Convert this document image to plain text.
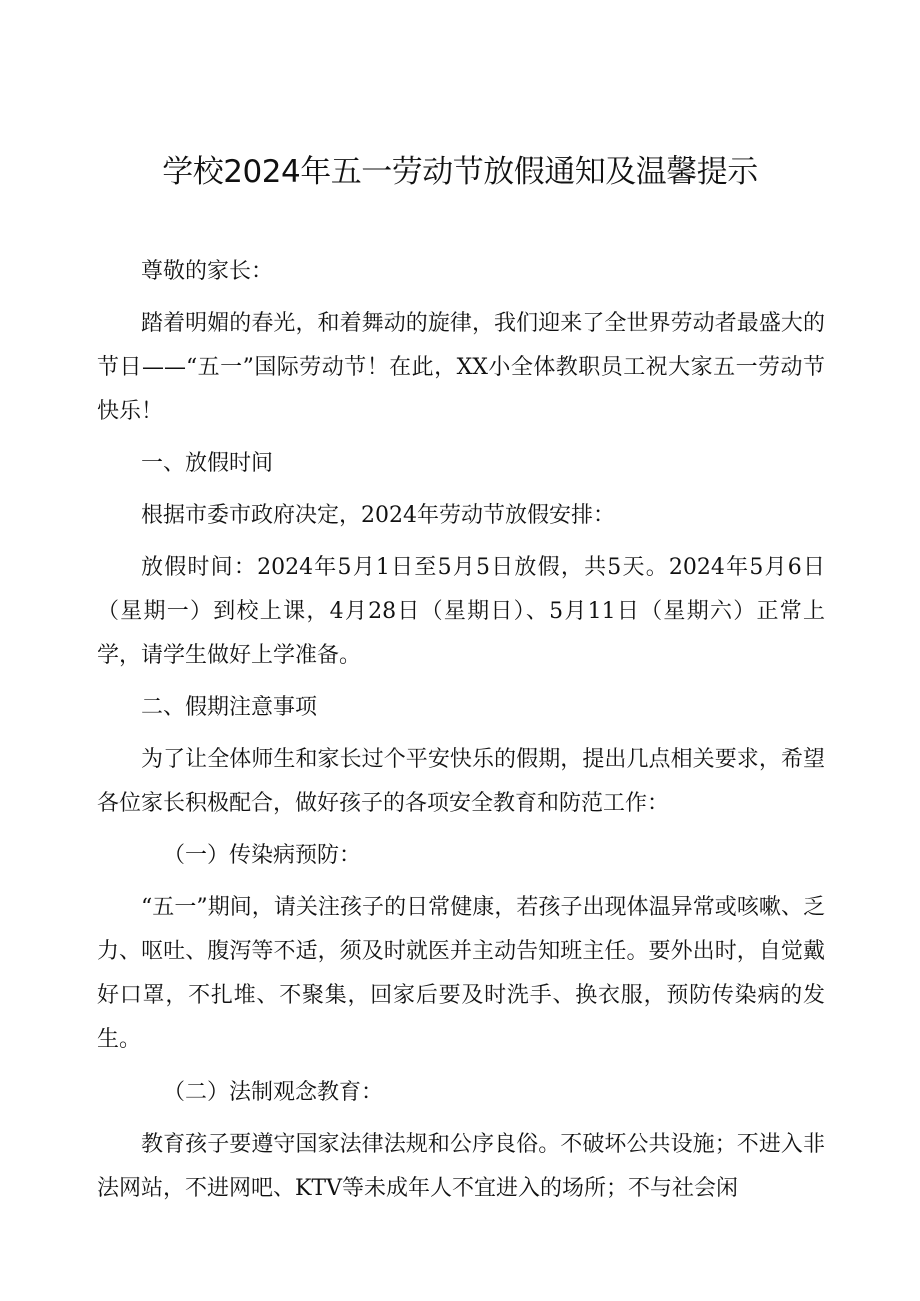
学校2024年五一劳动节放假通知及温馨提示

尊敬的家长：

踏着明媚的春光，和着舞动的旋律，我们迎来了全世界劳动者最盛大的节日——“五一”国际劳动节！在此，XX小全体教职员工祝大家五一劳动节快乐！

一、放假时间

根据市委市政府决定，2024年劳动节放假安排：

放假时间：2024年5月1日至5月5日放假，共5天。2024年5月6日（星期一）到校上课，4月28日（星期日）、5月11日（星期六）正常上学，请学生做好上学准备。

二、假期注意事项

为了让全体师生和家长过个平安快乐的假期，提出几点相关要求，希望各位家长积极配合，做好孩子的各项安全教育和防范工作：

（一）传染病预防：

“五一”期间，请关注孩子的日常健康，若孩子出现体温异常或咳嗽、乏力、呕吐、腹泻等不适，须及时就医并主动告知班主任。要外出时，自觉戴好口罩，不扎堆、不聚集，回家后要及时洗手、换衣服，预防传染病的发生。

（二）法制观念教育：

教育孩子要遵守国家法律法规和公序良俗。不破坏公共设施；不进入非法网站，不进网吧、KTV等未成年人不宜进入的场所；不与社会闲
